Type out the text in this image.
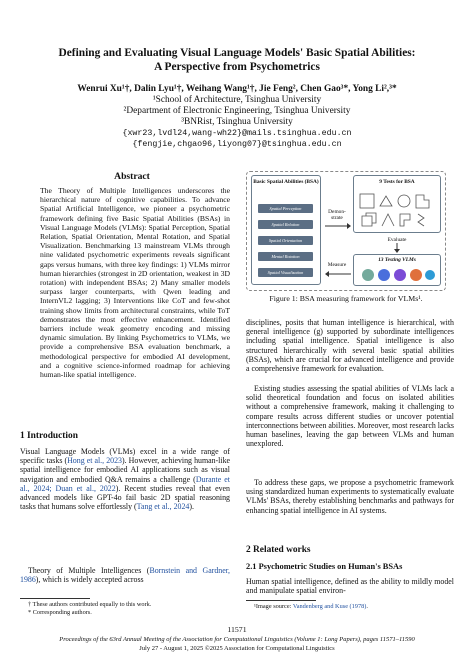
Defining and Evaluating Visual Language Models' Basic Spatial Abilities:
A Perspective from Psychometrics
Wenrui Xu¹†, Dalin Lyu¹†, Weihang Wang¹†, Jie Feng², Chen Gao³*, Yong Li²,³*
¹School of Architecture, Tsinghua University
²Department of Electronic Engineering, Tsinghua University
³BNRist, Tsinghua University
{xwr23,lvdl24,wang-wh22}@mails.tsinghua.edu.cn
{fengjie,chgao96,liyong07}@tsinghua.edu.cn
Abstract
The Theory of Multiple Intelligences underscores the hierarchical nature of cognitive capabilities. To advance Spatial Artificial Intelligence, we pioneer a psychometric framework defining five Basic Spatial Abilities (BSAs) in Visual Language Models (VLMs): Spatial Perception, Spatial Relation, Spatial Orientation, Mental Rotation, and Spatial Visualization. Benchmarking 13 mainstream VLMs through nine validated psychometric experiments reveals significant gaps versus humans, with three key findings: 1) VLMs mirror human hierarchies (strongest in 2D orientation, weakest in 3D rotation) with independent BSAs; 2) Many smaller models surpass larger counterparts, with Qwen leading and InternVL2 lagging; 3) Interventions like CoT and few-shot training show limits from architectural constraints, while ToT demonstrates the most effective enhancement. Identified barriers include weak geometry encoding and missing dynamic simulation. By linking Psychometrics to VLMs, we provide a comprehensive BSA evaluation benchmark, a methodological perspective for embodied AI development, and a cognitive science-informed roadmap for achieving human-like spatial intelligence.
1 Introduction
Visual Language Models (VLMs) excel in a wide range of specific tasks (Hong et al., 2023). However, achieving human-like spatial intelligence for embodied AI applications such as visual navigation and embodied Q&A remains a challenge (Durante et al., 2024; Duan et al., 2022). Recent studies reveal that even advanced models like GPT-4o fail basic 2D spatial reasoning tasks that humans solve effortlessly (Tang et al., 2024).
Theory of Multiple Intelligences (Bornstein and Gardner, 1986), which is widely accepted across
† These authors contributed equally to this work.
* Corresponding authors.
Basic Spatial Abilities (BSA)
Spatial Perception
Spatial Relation
Spatial Orientation
Mental Rotation
Spatial Visualization
Demon-strate
Measure
9 Tests for BSA
Evaluate
13 Testing VLMs
Figure 1: BSA measuring framework for VLMs¹.
disciplines, posits that human intelligence is hierarchical, with general intelligence (g) supported by subordinate intelligences including spatial intelligence. Spatial intelligence is also structured hierarchically with several basic spatial abilities (BSAs), which are crucial for advanced intelligence and provide a comprehensive framework for evaluation.
Existing studies assessing the spatial abilities of VLMs lack a solid theoretical foundation and focus on isolated abilities without a comprehensive framework, making it challenging to compare results across different studies or uncover potential interconnections between abilities. Moreover, most research lacks human baselines, leaving the gap between VLMs and human unexplored.
To address these gaps, we propose a psychometric framework using standardized human experiments to systematically evaluate VLMs' BSAs, thereby establishing benchmarks and pathways for enhancing spatial intelligence in AI systems.
2 Related works
2.1 Psychometric Studies on Human's BSAs
Human spatial intelligence, defined as the ability to mildly model and manipulate spatial environ-
¹Image source: Vandenberg and Kuse (1978).
11571
Proceedings of the 63rd Annual Meeting of the Association for Computational Linguistics (Volume 1: Long Papers), pages 11571–11590
July 27 - August 1, 2025 ©2025 Association for Computational Linguistics
